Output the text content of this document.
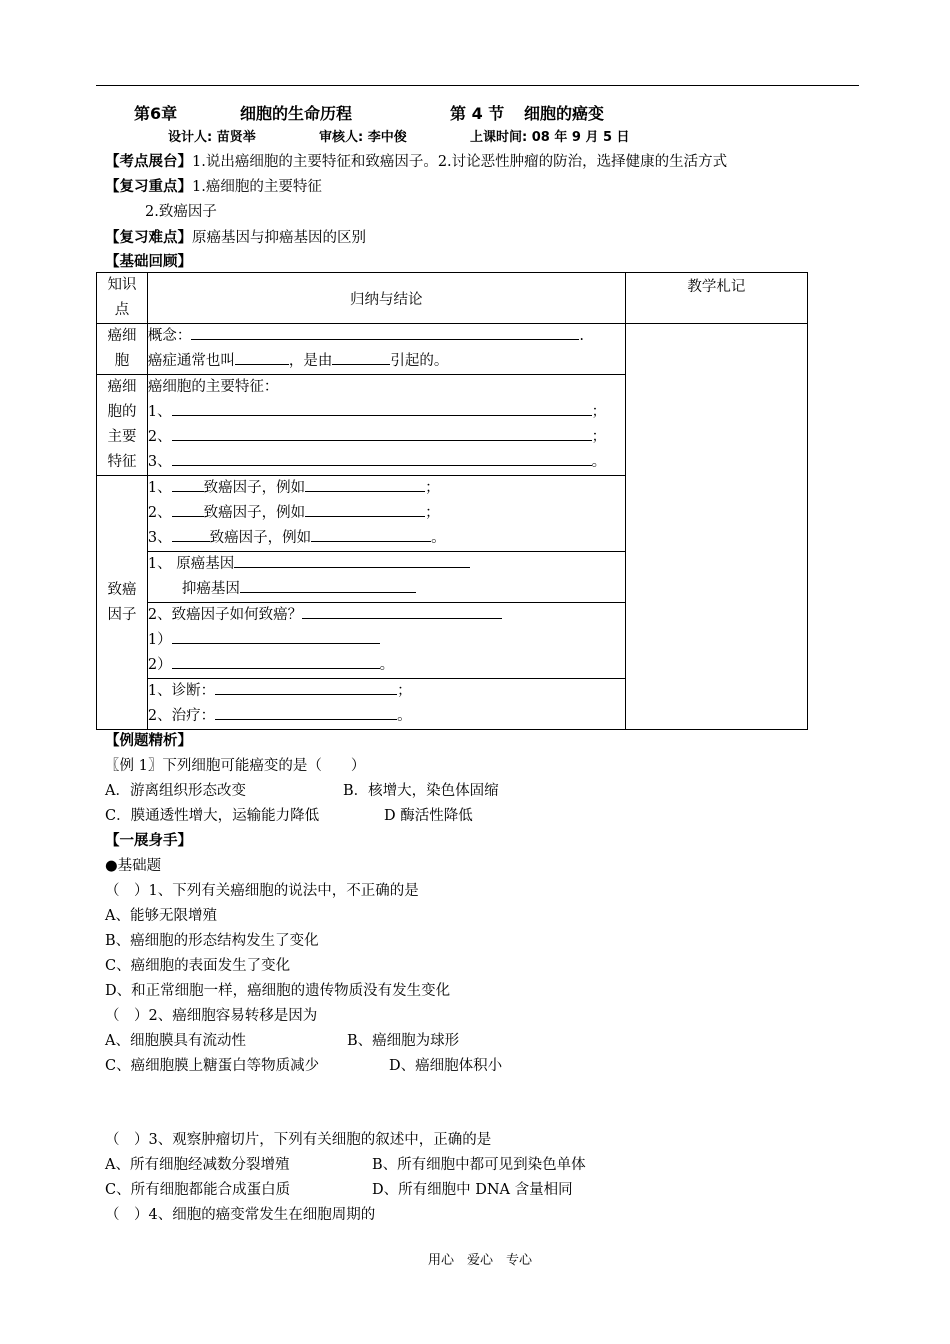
第6章	细胞的生命历程	第 4 节 细胞的癌变
设计人: 苗贤举	审核人: 李中俊	上课时间: 08 年 9 月 5 日
【考点展台】1.说出癌细胞的主要特征和致癌因子。2.讨论恶性肿瘤的防治，选择健康的生活方式
【复习重点】1.癌细胞的主要特征
2.致癌因子
【复习难点】原癌基因与抑癌基因的区别
【基础回顾】
知识点	归纳与结论	教学札记

癌细胞	概念： .
癌症通常也叫 ，是由 引起的。	

癌细胞的主要特征	癌细胞的主要特征：
1、 ；
2、 ；
3、 。	

致癌因子	1、 致癌因子，例如 ；
2、 致癌因子，例如 ；
3、 致癌因子，例如 。	

	1、 原癌基因
抑癌基因	

	2、致癌因子如何致癌？
1）
2） 。	

	1、诊断： ；
2、治疗： 。	
【例题精析】
〖例 1〗下列细胞可能癌变的是（　　）
A．游离组织形态改变	B．核增大，染色体固缩
C．膜通透性增大，运输能力降低	D 酶活性降低
【一展身手】
●基础题
（　）1、下列有关癌细胞的说法中，不正确的是
A、能够无限增殖
B、癌细胞的形态结构发生了变化
C、癌细胞的表面发生了变化
D、和正常细胞一样，癌细胞的遗传物质没有发生变化
（　）2、癌细胞容易转移是因为
A、细胞膜具有流动性	B、癌细胞为球形
C、癌细胞膜上糖蛋白等物质减少	D、癌细胞体积小
（　）3、观察肿瘤切片，下列有关细胞的叙述中，正确的是
A、所有细胞经减数分裂增殖	B、所有细胞中都可见到染色单体
C、所有细胞都能合成蛋白质	D、所有细胞中 DNA 含量相同
（　）4、细胞的癌变常发生在细胞周期的
用心　爱心　专心
